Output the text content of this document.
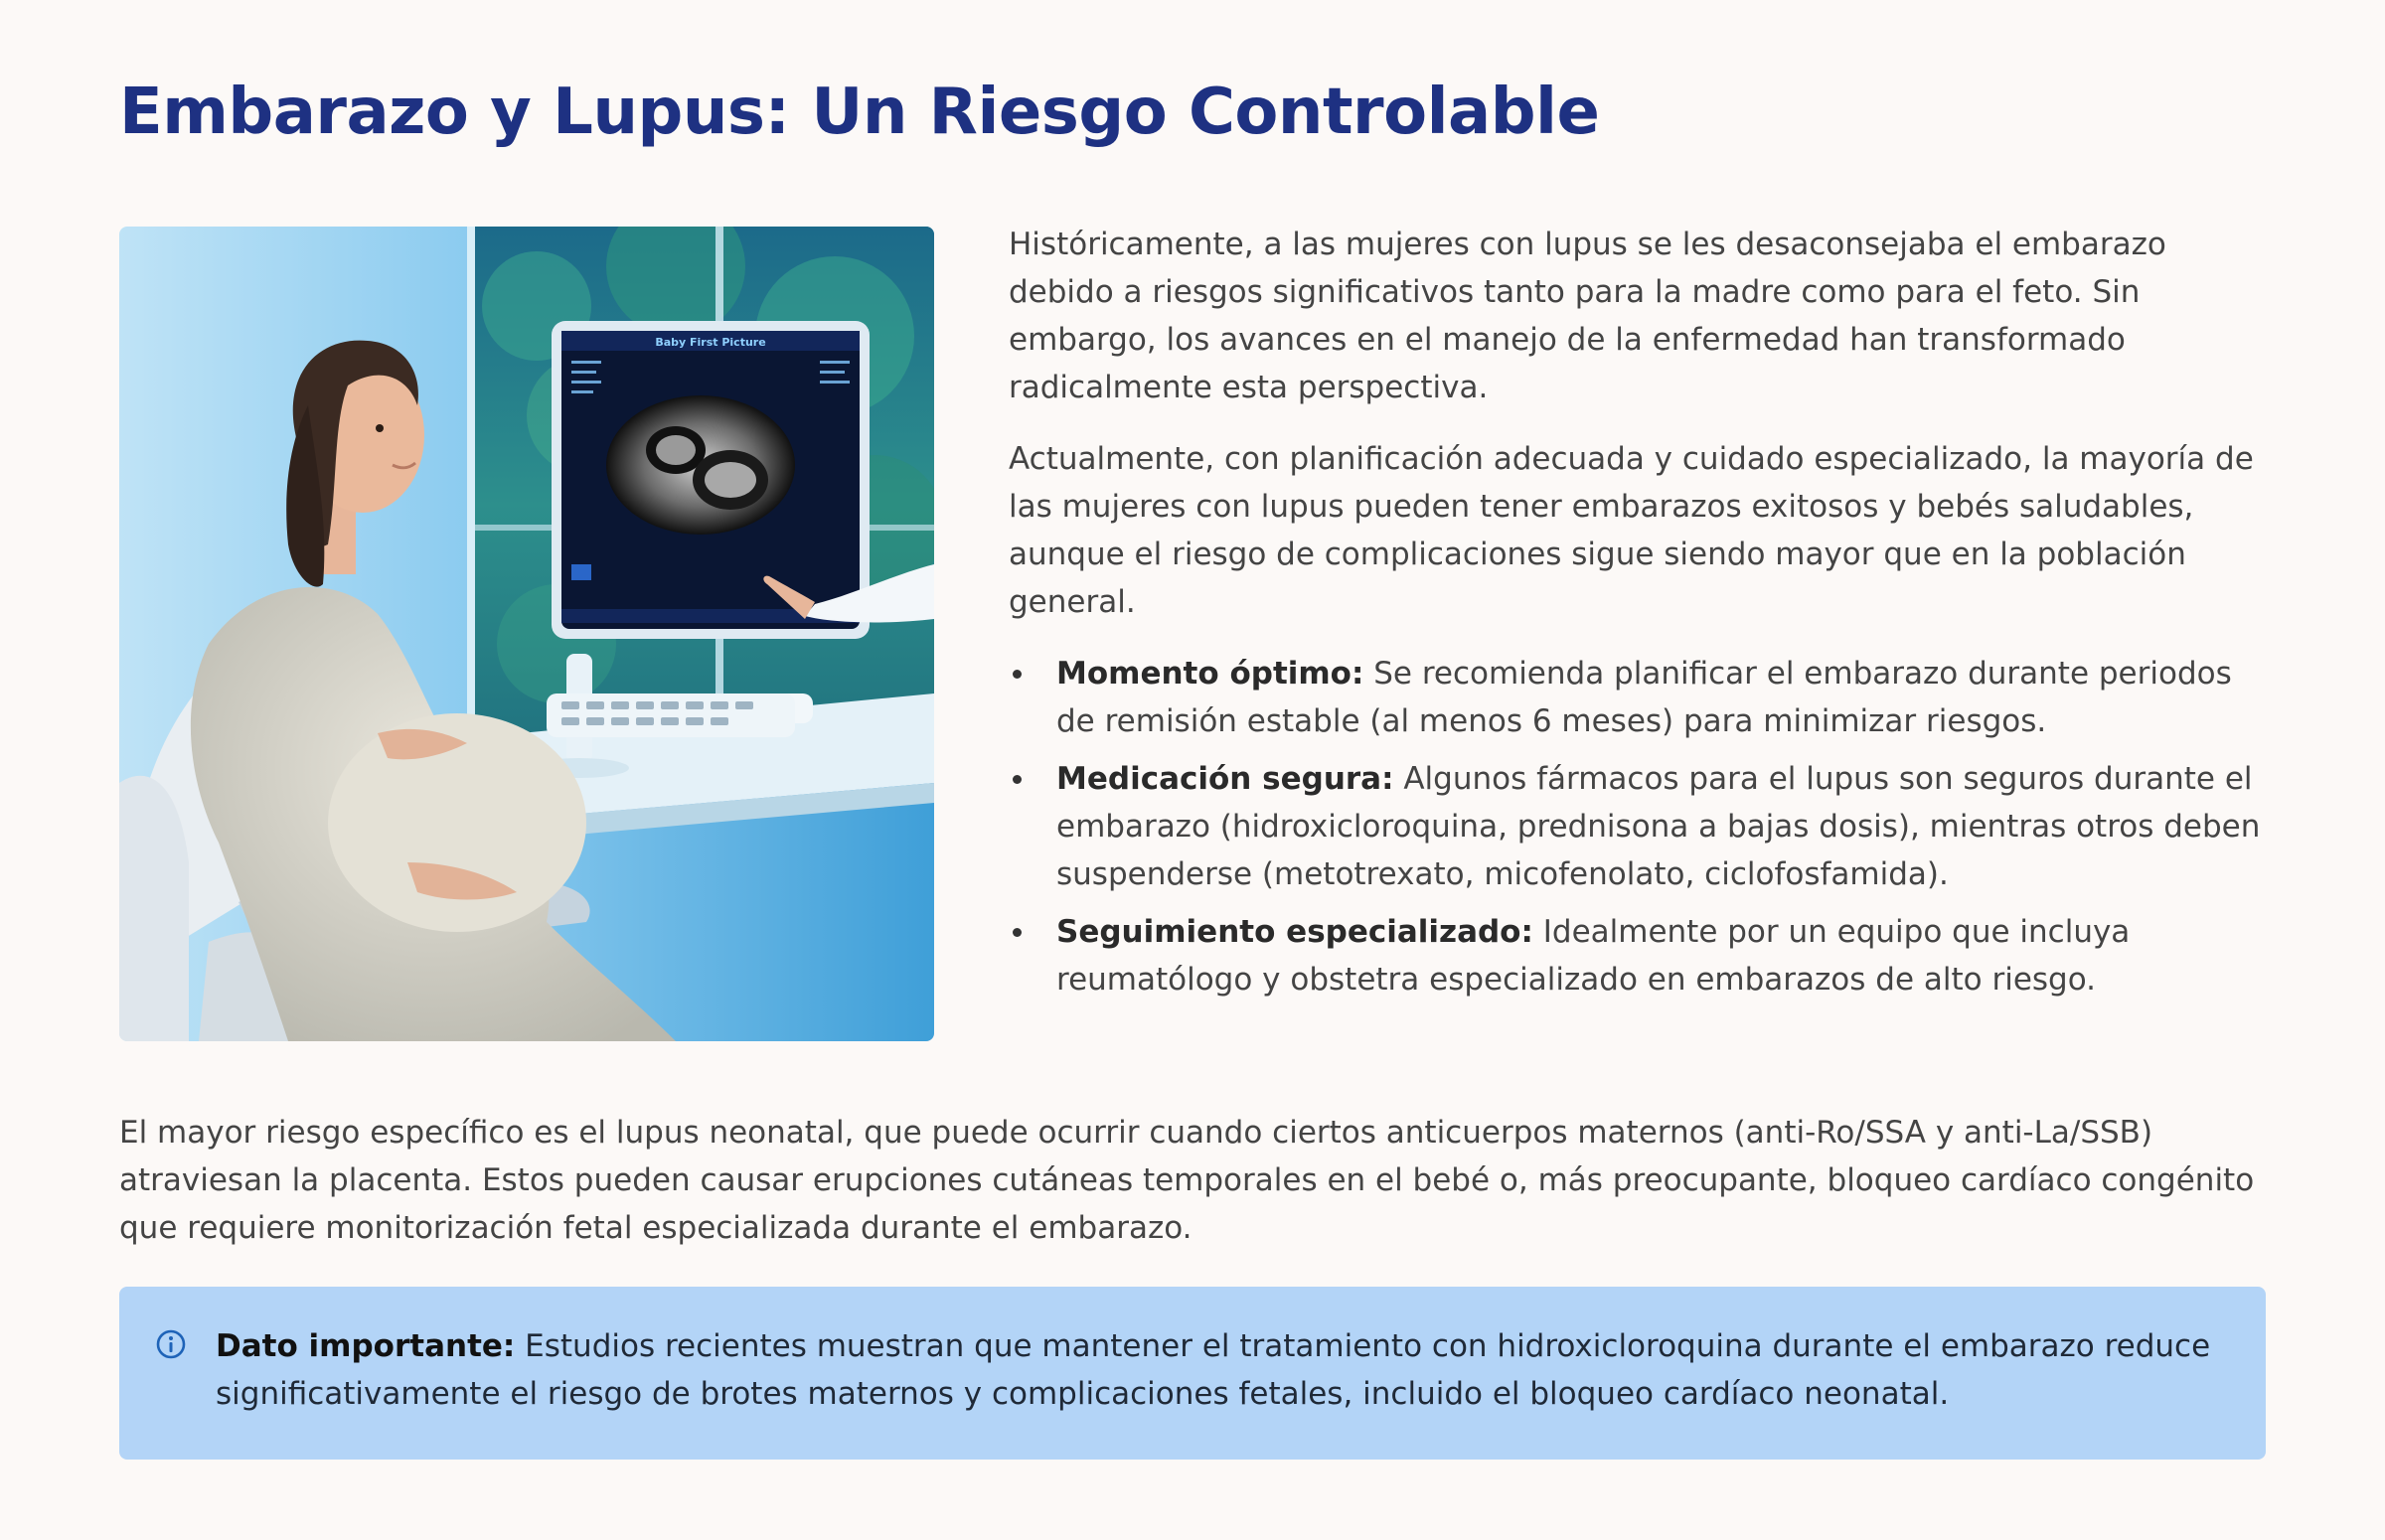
Embarazo y Lupus: Un Riesgo Controlable
Baby First Picture

Históricamente, a las mujeres con lupus se les desaconsejaba el embarazo debido a riesgos significativos tanto para la madre como para el feto. Sin embargo, los avances en el manejo de la enfermedad han transformado radicalmente esta perspectiva.

Actualmente, con planificación adecuada y cuidado especializado, la mayoría de las mujeres con lupus pueden tener embarazos exitosos y bebés saludables, aunque el riesgo de complicaciones sigue siendo mayor que en la población general.

Momento óptimo: Se recomienda planificar el embarazo durante periodos de remisión estable (al menos 6 meses) para minimizar riesgos.
Medicación segura: Algunos fármacos para el lupus son seguros durante el embarazo (hidroxicloroquina, prednisona a bajas dosis), mientras otros deben suspenderse (metotrexato, micofenolato, ciclofosfamida).
Seguimiento especializado: Idealmente por un equipo que incluya reumatólogo y obstetra especializado en embarazos de alto riesgo.

El mayor riesgo específico es el lupus neonatal, que puede ocurrir cuando ciertos anticuerpos maternos (anti-Ro/SSA y anti-La/SSB) atraviesan la placenta. Estos pueden causar erupciones cutáneas temporales en el bebé o, más preocupante, bloqueo cardíaco congénito que requiere monitorización fetal especializada durante el embarazo.

Dato importante: Estudios recientes muestran que mantener el tratamiento con hidroxicloroquina durante el embarazo reduce significativamente el riesgo de brotes maternos y complicaciones fetales, incluido el bloqueo cardíaco neonatal.
